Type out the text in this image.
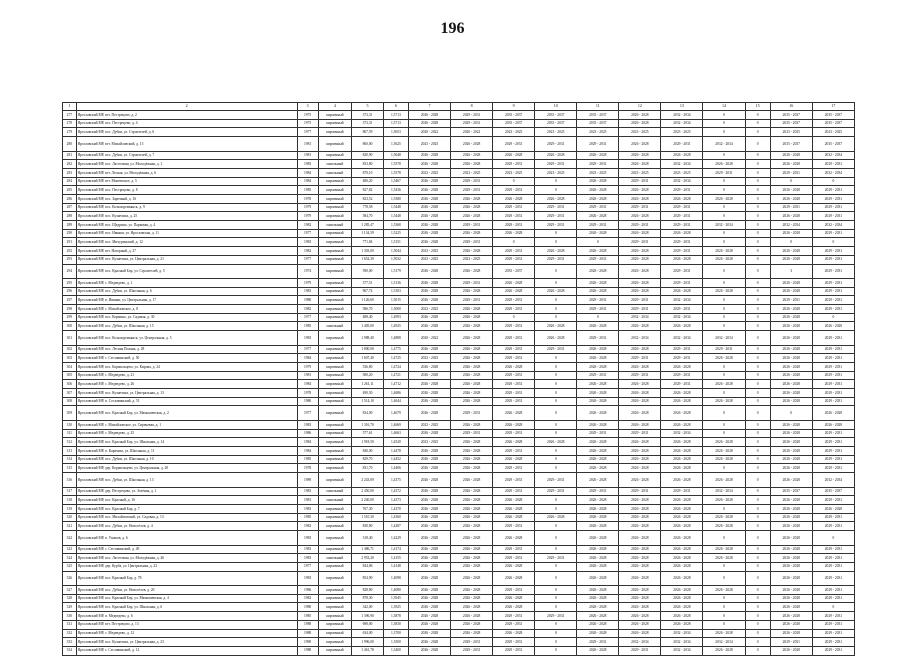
196
1	2	3	4	5	6	7	8	9	10	11	12	13	14	15	16	17
277	Ярославский МР, пгт. Пестрецово, д. 2	1975	кирпичный	373,31	1,5713	2026 - 2028	2029 - 2031	2035 - 2037	2035 - 2037	2035 - 2037	2026 - 2028	2032 - 2034	0	0	2035 - 2037	2035 - 2037
278	Ярославский МР, пос. Пестрецово, д. 4	1975	кирпичный	373,31	1,5713	2026 - 2028	2029 - 2031	2035 - 2037	2035 - 2037	2035 - 2037	2026 - 2028	2032 - 2034	0	0	2035 - 2037	2035 - 2037
279	Ярославский МР, пос. Дубки, ул. Строителей, д. 6	1977	кирпичный	867,59	1,5653	2020 - 2022	2020 - 2022	2023 - 2025	2023 - 2025	2023 - 2025	2023 - 2025	2023 - 2025	0	0	2023 - 2025	2023 - 2025
280	Ярославский МР, пгт. Михайловский, д. 15	1981	кирпичный	860,00	1,5625	2023 - 2025	2026 - 2028	2029 - 2031	2029 - 2031	2029 - 2031	2026 - 2028	2029 - 2031	2032 - 2034	0	2035 - 2037	2035 - 2037
281	Ярославский МР, пос. Дубки, ул. Строителей, д. 7	1981	кирпичный	820,90	1,5648	2026 - 2028	2026 - 2028	2026 - 2028	2026 - 2028	2026 - 2028	2026 - 2028	2026 - 2028	0	0	2026 - 2028	2032 - 2034
282	Ярославский МР, пос. Ласточкин, ул. Молодёжная, д. 1	1983	панельный	833,80	1,5578	2026 - 2028	2026 - 2028	2029 - 2031	2029 - 2031	2029 - 2031	2026 - 2028	2032 - 2034	2026 - 2028	0	2026 - 2028	2029 - 2031
283	Ярославский МР, пгт. Лесная, ул. Молодёжная, д. 6	1984	панельный	870,10	1,5578	2023 - 2025	2023 - 2025	2023 - 2025	2023 - 2025	2023 - 2025	2023 - 2025	2023 - 2025	2029 - 2031	0	2029 - 2031	2032 - 2034
284	Ярославский МР, пгт. Мокеевское, д. 5	1984	кирпичный	480,20	1,5467	2026 - 2028	2029 - 2031	0	0	2026 - 2028	2029 - 2031	2032 - 2034	0	0	0	0
285	Ярославский МР, пос. Пестрецово, д. 8	1985	кирпичный	827,82	1,5436	2026 - 2028	2029 - 2031	2029 - 2031	0	2026 - 2028	2026 - 2028	2029 - 2031	0	0	2026 - 2028	2029 - 2031
286	Ярославский МР, пос. Заречный, д. 16	1978	кирпичный	823,52	1,5380	2026 - 2028	2026 - 2028	2026 - 2028	2026 - 2028	2026 - 2028	2026 - 2028	2026 - 2028	2026 - 2028	0	2026 - 2028	2029 - 2031
287	Ярославский МР, пос. Козьмодемьянск, д. 9	1979	кирпичный	778,58	1,5448	2026 - 2028	2026 - 2028	2029 - 2031	2029 - 2031	2029 - 2031	2029 - 2031	2029 - 2031	0	0	2029 - 2031	2029 - 2031
288	Ярославский МР, пос. Кузнечиха, д. 25	1979	кирпичный	584,70	1,5448	2026 - 2028	2026 - 2028	2029 - 2031	2029 - 2031	2026 - 2028	2026 - 2028	2029 - 2031	0	0	2026 - 2028	2029 - 2031
289	Ярославский МР, пос. Щедрино, ул. Парковая, д. 4	1982	панельный	1 285,47	1,5368	2026 - 2028	2029 - 2031	2029 - 2031	2029 - 2031	2029 - 2031	2029 - 2031	2029 - 2031	2032 - 2034	0	2032 - 2034	2032 - 2034
290	Ярославский МР, пос. Ивняки, ул. Ярославская, д. 11	1977	кирпичный	1 134,59	1,5225	2026 - 2028	2026 - 2028	2026 - 2028	0	2026 - 2028	2026 - 2028	2026 - 2028	0	0	2026 - 2028	2029 - 2031
291	Ярославский МР, пос. Мичуринский, д. 12	1983	кирпичный	771,84	1,5151	2026 - 2028	2029 - 2031	0	0	0	2029 - 2031	2029 - 2031	0	0	0	0
292	Ярославский МР, пгт. Нагорный, д. 27	1982	кирпичный	1 303,00	1,5044	2023 - 2025	2026 - 2028	2029 - 2031	2026 - 2028	2026 - 2028	2026 - 2028	2029 - 2031	2026 - 2028	0	2026 - 2028	2029 - 2031
293	Ярославский МР, пос. Кузнечиха, ул. Центральная, д. 21	1977	кирпичный	1 652,39	1,5032	2023 - 2025	2023 - 2025	2029 - 2031	2029 - 2031	2029 - 2031	2026 - 2028	2026 - 2028	2026 - 2028	0	2026 - 2028	2029 - 2031
294	Ярославский МР, пос. Красный Бор, ул. Строителей, д. 5	1974	кирпичный	590,00	1,5179	2026 - 2028	2026 - 2028	2035 - 2037	0	2026 - 2028	2026 - 2028	2029 - 2031	0	0	3	2029 - 2031
295	Ярославский МР, с. Медведево, д. 1	1979	кирпичный	377,51	1,5136	2026 - 2028	2029 - 2031	2026 - 2028	0	2026 - 2028	2026 - 2028	2029 - 2031	0	0	2026 - 2028	2029 - 2031
296	Ярославский МР, пос. Дубки, ул. Школьная, д. 6	1983	кирпичный	967,74	1,5103	2026 - 2028	2026 - 2028	2026 - 2028	2026 - 2028	2026 - 2028	2026 - 2028	2026 - 2028	2026 - 2028	0	2026 - 2028	2029 - 2031
297	Ярославский МР, п. Ивняки, ул. Центральная, д. 17	1980	кирпичный	1 126,60	1,5015	2026 - 2028	2029 - 2031	2029 - 2031	0	2029 - 2031	2029 - 2031	2032 - 2034	0	0	2029 - 2031	2029 - 2031
298	Ярославский МР, с. Михайловское, д. 8	1982	кирпичный	586,70	1,5000	2023 - 2025	2026 - 2028	2029 - 2031	0	2029 - 2031	2029 - 2031	2029 - 2031	0	0	2026 - 2028	2029 - 2031
299	Ярославский МР, пос. Кормино, ул. Садовая, д. 30	1977	кирпичный	488,40	1,4993	2026 - 2028	2026 - 2028	0	0	0	2032 - 2034	2032 - 2034	0	0	2026 - 2028	0
300	Ярославский МР, пос. Дубки, ул. Школьная, д. 15	1985	панельный	1 405,00	1,4925	2026 - 2028	2026 - 2028	2029 - 2031	2026 - 2028	2026 - 2028	2026 - 2028	2026 - 2028	0	0	2026 - 2028	2026 - 2028
301	Ярославский МР, пос. Козьмодемьянск, ул. Центральная, д. 5	1983	кирпичный	1 988,40	1,4888	2020 - 2022	2026 - 2028	2029 - 2031	2026 - 2028	2029 - 2031	2032 - 2034	2032 - 2034	2032 - 2034	0	2026 - 2028	2029 - 2031
302	Ярославский МР, пос. Лесная Поляна, д. 28	1977	кирпичный	1 800,00	1,4775	2026 - 2028	2026 - 2028	2029 - 2031	2029 - 2031	2026 - 2028	2026 - 2028	2029 - 2031	2029 - 2031	0	2026 - 2028	2029 - 2031
303	Ярославский МР, с. Сеславинский, д. 50	1984	кирпичный	1 607,40	1,4725	2023 - 2025	2026 - 2028	2029 - 2031	0	2026 - 2028	2029 - 2031	2029 - 2031	2026 - 2028	0	2026 - 2028	2029 - 2031
304	Ярославский МР, пос. Кормильцево, ул. Кирова, д. 24	1979	кирпичный	536,80	1,4724	2026 - 2028	2026 - 2028	2026 - 2028	0	2026 - 2028	2026 - 2028	2026 - 2028	0	0	2026 - 2028	2029 - 2031
305	Ярославский МР, с. Медведево, д. 21	1981	кирпичный	580,20	1,4721	2026 - 2028	2026 - 2028	2029 - 2031	0	2029 - 2031	2029 - 2031	2029 - 2031	0	0	2026 - 2028	2029 - 2031
306	Ярославский МР, с. Медведево, д. 26	1984	кирпичный	1 261,11	1,4712	2026 - 2028	2026 - 2028	2029 - 2031	0	2026 - 2028	2026 - 2028	2029 - 2031	2026 - 2028	0	2026 - 2028	2029 - 2031
307	Ярославский МР, пос. Кузнечиха, ул. Центральная, д. 13	1978	кирпичный	490,50	1,4686	2026 - 2028	2026 - 2028	2029 - 2031	0	2026 - 2028	2026 - 2028	2026 - 2028	0	0	2026 - 2028	2029 - 2031
308	Ярославский МР, п. Сеславинский, д. 51	1980	кирпичный	1 514,10	1,4644	2026 - 2028	2026 - 2028	2029 - 2031	0	2026 - 2028	2026 - 2028	2026 - 2028	2026 - 2028	0	2026 - 2028	2029 - 2031
309	Ярославский МР, пос. Красный Бор, ул. Мамышевская, д. 2	1977	кирпичный	834,00	1,4679	2026 - 2028	2029 - 2031	2026 - 2028	0	2026 - 2028	2026 - 2028	2026 - 2028	0	0	0	2026 - 2028
310	Ярославский МР, с. Михайловское, ул. Сиреневая, д. 1	1983	кирпичный	1 316,70	1,4669	2023 - 2025	2026 - 2028	2026 - 2028	0	2026 - 2028	2026 - 2028	2026 - 2028	0	0	2026 - 2028	2026 - 2028
311	Ярославский МР, с. Медведево, д. 25	1986	кирпичный	577,61	1,4663	2026 - 2028	2029 - 2031	2029 - 2031	0	2029 - 2031	2029 - 2031	2032 - 2034	0	0	2026 - 2028	2029 - 2031
312	Ярославский МР, пос. Красный Бор, ул. Школьная, д. 14	1984	кирпичный	1 918,50	1,4520	2023 - 2025	2026 - 2028	2026 - 2028	2026 - 2028	2026 - 2028	2026 - 2028	2026 - 2028	2026 - 2028	0	2026 - 2028	2029 - 2031
313	Ярославский МР, п. Карачиха, ул. Школьная, д. 11	1984	кирпичный	840,00	1,4478	2026 - 2028	2026 - 2028	2029 - 2031	0	2026 - 2028	2026 - 2028	2026 - 2028	2026 - 2028	0	2026 - 2028	2029 - 2031
314	Ярославский МР, пос. Дубки, ул. Школьная, д. 10	1985	кирпичный	829,70	1,4452	2026 - 2028	2026 - 2028	2026 - 2028	0	2026 - 2028	2026 - 2028	2026 - 2028	2026 - 2028	0	2026 - 2028	2029 - 2031
315	Ярославский МР, дер. Кормильцево, ул. Центральная, д. 20	1978	кирпичный	831,70	1,4406	2026 - 2028	2026 - 2028	2029 - 2031	0	2026 - 2028	2026 - 2028	2026 - 2028	0	0	2026 - 2028	2029 - 2031
316	Ярославский МР, пос. Дубки, ул. Школьная, д. 13	1989	кирпичный	2 243,09	1,4375	2026 - 2028	2026 - 2028	2029 - 2031	2029 - 2031	2026 - 2028	2026 - 2028	2026 - 2028	2026 - 2028	0	2026 - 2028	2032 - 2034
317	Ярославский МР, дер. Пестрецово, ул. Зелёная, д. 1	1983	панельный	2 450,00	1,4372	2026 - 2028	2026 - 2028	2029 - 2031	2029 - 2031	2029 - 2031	2029 - 2031	2029 - 2031	2032 - 2034	0	2035 - 2037	2035 - 2037
318	Ярославский МР, пос. Красный, д. 16	1981	панельный	2 240,00	1,4373	2026 - 2028	2026 - 2028	2026 - 2028	0	2026 - 2028	2026 - 2028	2026 - 2028	2026 - 2028	0	2026 - 2028	2029 - 2031
319	Ярославский МР, пос. Красный Бор, д. 7	1983	кирпичный	767,30	1,4370	2026 - 2028	2026 - 2028	2026 - 2028	0	2026 - 2028	2026 - 2028	2026 - 2028	0	0	2026 - 2028	2026 - 2028
320	Ярославский МР, пос. Михайловский, ул. Садовая, д. 13	1985	кирпичный	1 510,30	1,4360	2026 - 2028	2026 - 2028	2026 - 2028	2026 - 2028	2026 - 2028	2026 - 2028	2026 - 2028	2026 - 2028	0	2026 - 2028	2029 - 2031
321	Ярославский МР, пос. Дубки, ул. Новосёлов, д. 4	1982	кирпичный	830,80	1,4287	2026 - 2028	2026 - 2028	2029 - 2031	0	2026 - 2028	2026 - 2028	2026 - 2028	2026 - 2028	0	2026 - 2028	2029 - 2031
322	Ярославский МР, п. Ушаков, д. 6	1983	кирпичный	318,40	1,4229	2026 - 2028	2026 - 2028	2026 - 2028	0	2026 - 2028	2026 - 2028	2026 - 2028	0	0	2026 - 2028	0
323	Ярославский МР, с. Сеславинский, д. 49	1983	кирпичный	1 486,71	1,4174	2026 - 2028	2026 - 2028	2029 - 2031	0	2026 - 2028	2026 - 2028	2026 - 2028	2026 - 2028	0	2026 - 2028	2029 - 2031
324	Ярославский МР, пос. Ласточкин, ул. Молодёжная, д. 46	1983	панельный	2 953,20	1,4155	2026 - 2028	2026 - 2028	2029 - 2031	2029 - 2031	2026 - 2028	2026 - 2028	2026 - 2028	2026 - 2028	0	2026 - 2028	2029 - 2031
325	Ярославский МР, дер. Курба, ул. Центральная, д. 22	1977	кирпичный	844,86	1,4148	2026 - 2028	2026 - 2028	2026 - 2028	0	2026 - 2028	2026 - 2028	2026 - 2028	0	0	2026 - 2028	2029 - 2031
326	Ярославский МР, пос. Красный Бор, д. 78	1983	кирпичный	854,90	1,4098	2026 - 2028	2026 - 2028	2026 - 2028	0	2026 - 2028	2026 - 2028	2026 - 2028	0	0	2026 - 2028	2029 - 2031
327	Ярославский МР, пос. Дубки, ул. Новосёлов, д. 20	1986	кирпичный	828,80	1,4080	2026 - 2028	2026 - 2028	2029 - 2031	0	2026 - 2028	2026 - 2028	2026 - 2028	2026 - 2028	0	2026 - 2028	2029 - 2031
328	Ярославский МР, пос. Красный Бор, ул. Мамышевская, д. 4	1982	кирпичный	878,30	1,3945	2026 - 2028	2026 - 2028	2026 - 2028	0	2026 - 2028	2026 - 2028	2026 - 2028	0	0	2026 - 2028	2029 - 2031
329	Ярославский МР, пос. Красный Бор, ул. Школьная, д. 6	1980	кирпичный	342,00	1,3925	2026 - 2028	2026 - 2028	2026 - 2028	0	2026 - 2028	2026 - 2028	2026 - 2028	0	0	2026 - 2028	0
330	Ярославский МР, п. Медведево, д. 6	1985	кирпичный	1 396,90	1,3878	2026 - 2028	2026 - 2028	2029 - 2031	2029 - 2031	2026 - 2028	2026 - 2028	2026 - 2028	0	0	2026 - 2028	2029 - 2031
331	Ярославский МР, пгт. Пестрецово, д. 13	1988	кирпичный	698,00	1,3830	2026 - 2028	2026 - 2028	2029 - 2031	0	2026 - 2028	2026 - 2028	2026 - 2028	0	0	2026 - 2028	2029 - 2031
332	Ярославский МР, с. Медведево, д. 12	1988	кирпичный	634,00	1,3700	2026 - 2028	2026 - 2028	2026 - 2028	0	2026 - 2028	2026 - 2028	2032 - 2034	2026 - 2028	0	2026 - 2028	2029 - 2031
333	Ярославский МР, пос. Кузнечиха, ул. Центральная, д. 23	1990	кирпичный	1 996,00	1,3500	2026 - 2028	2029 - 2031	2029 - 2031	0	2029 - 2031	2032 - 2034	2032 - 2034	2032 - 2034	0	2029 - 2031	2029 - 2031
334	Ярославский МР, с. Сеславинский, д. 12	1988	кирпичный	1 461,78	1,3400	2026 - 2028	2029 - 2031	2029 - 2031	0	2026 - 2028	2029 - 2031	2032 - 2034	2026 - 2028	0	2026 - 2028	2029 - 2031
